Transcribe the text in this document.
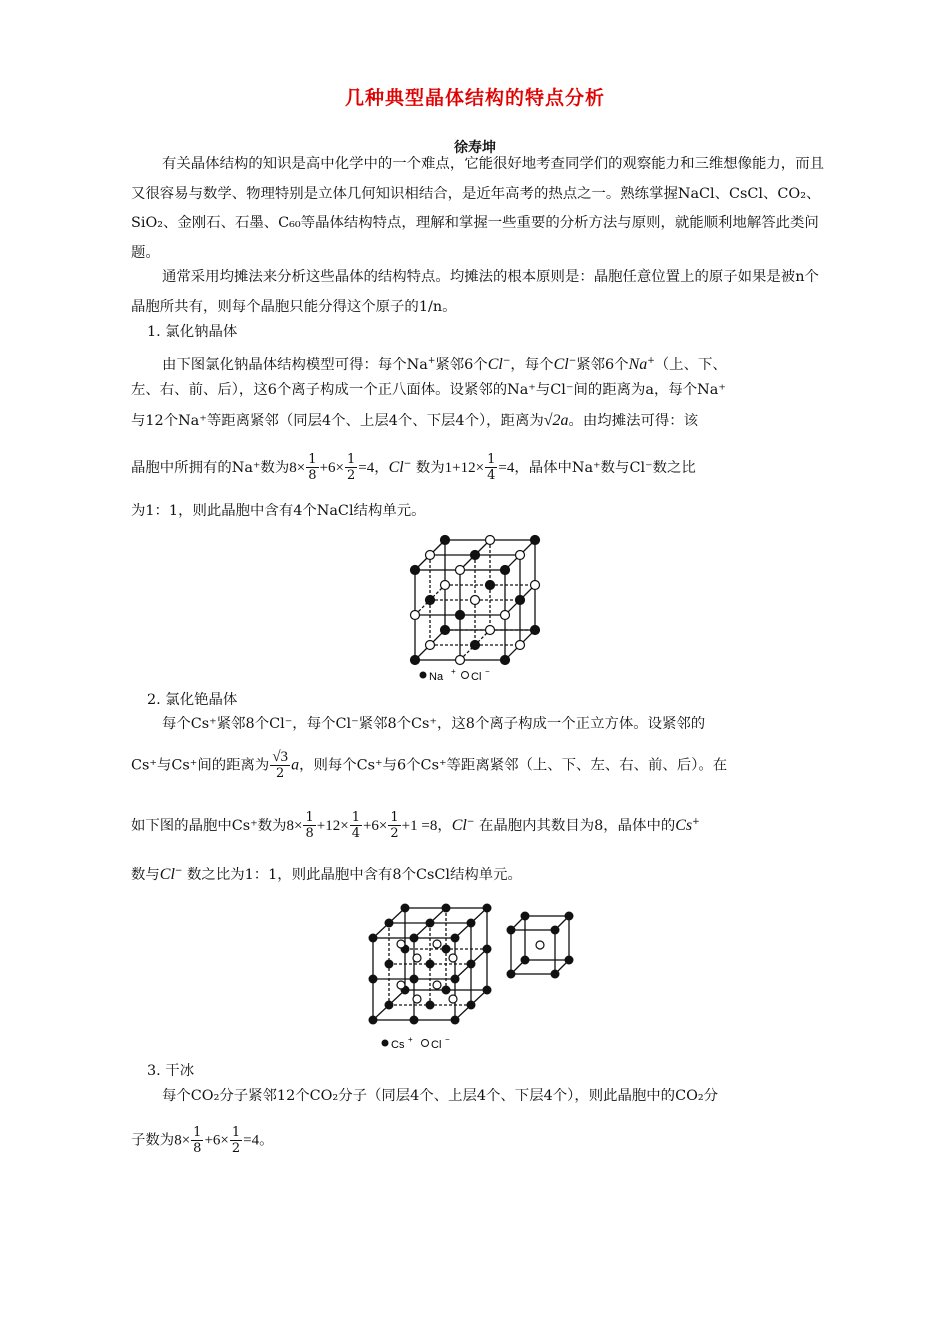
几种典型晶体结构的特点分析
徐寿坤
有关晶体结构的知识是高中化学中的一个难点，它能很好地考查同学们的观察能力和三维想像能力，而且又很容易与数学、物理特别是立体几何知识相结合，是近年高考的热点之一。熟练掌握NaCl、CsCl、CO₂、SiO₂、金刚石、石墨、C₆₀等晶体结构特点，理解和掌握一些重要的分析方法与原则，就能顺利地解答此类问题。
通常采用均摊法来分析这些晶体的结构特点。均摊法的根本原则是：晶胞任意位置上的原子如果是被n个晶胞所共有，则每个晶胞只能分得这个原子的1/n。
1. 氯化钠晶体
由下图氯化钠晶体结构模型可得：每个Na+紧邻6个Cl−，每个Cl−紧邻6个Na+（上、下、
左、右、前、后），这6个离子构成一个正八面体。设紧邻的Na⁺与Cl⁻间的距离为a，每个Na⁺
与12个Na⁺等距离紧邻（同层4个、上层4个、下层4个），距离为√2a。由均摊法可得：该
晶胞中所拥有的Na⁺数为$8\times \frac{1}{8} +6\times \frac{1}{2} =4$，Cl− 数为$1+12\times \frac{1}{4} =4$，晶体中Na⁺数与Cl⁻数之比
为1：1，则此晶胞中含有4个NaCl结构单元。
Na + Cl −
2. 氯化铯晶体
每个Cs⁺紧邻8个Cl⁻，每个Cl⁻紧邻8个Cs⁺，这8个离子构成一个正立方体。设紧邻的
Cs⁺与Cs⁺间的距离为 $\frac{√3}{2}$ a，则每个Cs⁺与6个Cs⁺等距离紧邻（上、下、左、右、前、后）。在
如下图的晶胞中Cs⁺数为$8\times \frac{1}{8} +12\times \frac{1}{4} +6\times \frac{1}{2} +1 =8$，Cl− 在晶胞内其数目为8，晶体中的Cs+
数与Cl− 数之比为1：1，则此晶胞中含有8个CsCl结构单元。
Cs + Cl −
3. 干冰
每个CO₂分子紧邻12个CO₂分子（同层4个、上层4个、下层4个），则此晶胞中的CO₂分
子数为$8\times \frac{1}{8} +6\times \frac{1}{2} =4$。
